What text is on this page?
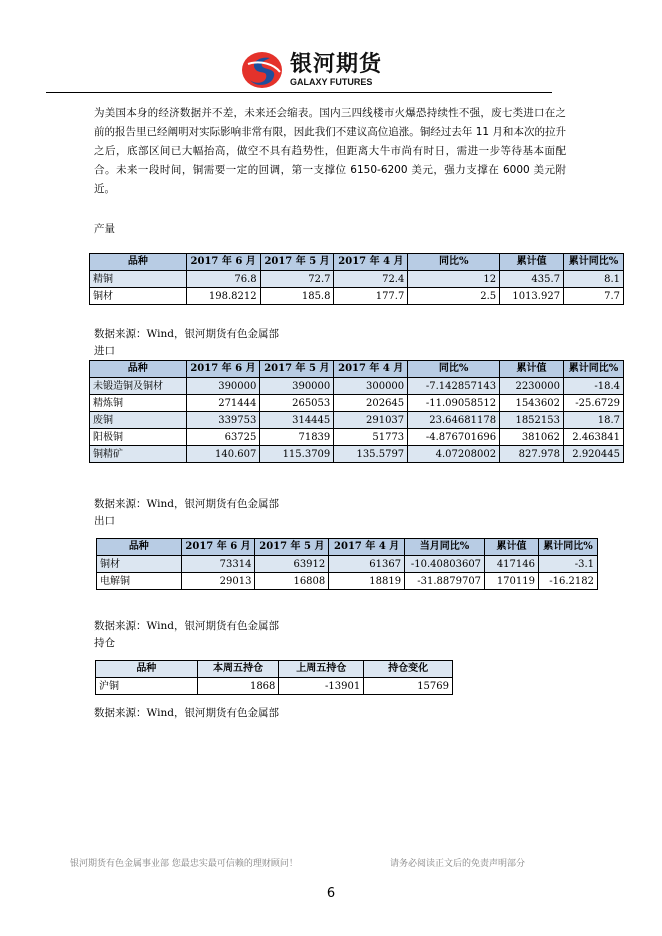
银河期货
GALAXY FUTURES
为美国本身的经济数据并不差，未来还会缩表。国内三四线楼市火爆恐持续性不强，废七类进口在之前的报告里已经阐明对实际影响非常有限，因此我们不建议高位追涨。铜经过去年 11 月和本次的拉升之后，底部区间已大幅抬高，做空不具有趋势性，但距离大牛市尚有时日，需进一步等待基本面配合。未来一段时间，铜需要一定的回调，第一支撑位 6150-6200 美元，强力支撑在 6000 美元附近。
产量
品种	2017 年 6 月	2017 年 5 月	2017 年 4 月	同比%	累计值	累计同比%
精铜	76.8	72.7	72.4	12	435.7	8.1
铜材	198.8212	185.8	177.7	2.5	1013.927	7.7
数据来源：Wind，银河期货有色金属部
进口
品种	2017 年 6 月	2017 年 5 月	2017 年 4 月	同比%	累计值	累计同比%
未锻造铜及铜材	390000	390000	300000	-7.142857143	2230000	-18.4
精炼铜	271444	265053	202645	-11.09058512	1543602	-25.6729
废铜	339753	314445	291037	23.64681178	1852153	18.7
阳极铜	63725	71839	51773	-4.876701696	381062	2.463841
铜精矿	140.607	115.3709	135.5797	4.07208002	827.978	2.920445
数据来源：Wind，银河期货有色金属部
出口
品种	2017 年 6 月	2017 年 5 月	2017 年 4 月	当月同比%	累计值	累计同比%
铜材	73314	63912	61367	-10.40803607	417146	-3.1
电解铜	29013	16808	18819	-31.8879707	170119	-16.2182
数据来源：Wind，银河期货有色金属部
持仓
品种	本周五持仓	上周五持仓	持仓变化
沪铜	1868	-13901	15769
数据来源：Wind，银河期货有色金属部
银河期货有色金属事业部 您最忠实最可信赖的理财顾问！	请务必阅读正文后的免责声明部分
6
